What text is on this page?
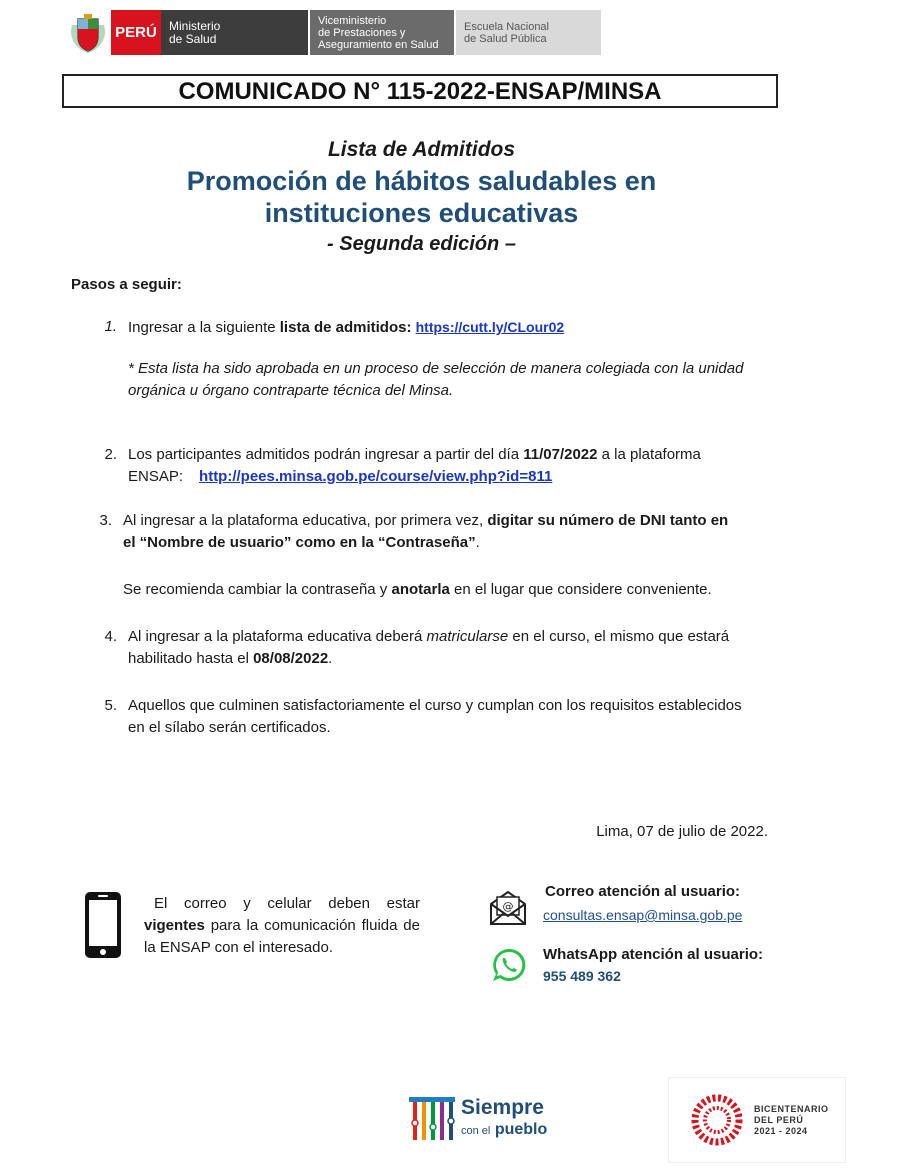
PERÚ	Ministerio
de Salud
Viceministerio
de Prestaciones y
Aseguramiento en Salud
Escuela Nacional
de Salud Pública
COMUNICADO N° 115-2022-ENSAP/MINSA
Lista de Admitidos
Promoción de hábitos saludables en
instituciones educativas
- Segunda edición –
Pasos a seguir:
1. Ingresar a la siguiente lista de admitidos: https://cutt.ly/CLour02
* Esta lista ha sido aprobada en un proceso de selección de manera colegiada con la unidad
orgánica u órgano contraparte técnica del Minsa.
2. Los participantes admitidos podrán ingresar a partir del día 11/07/2022 a la plataforma
ENSAP: http://pees.minsa.gob.pe/course/view.php?id=811
3. Al ingresar a la plataforma educativa, por primera vez, digitar su número de DNI tanto en
el “Nombre de usuario” como en la “Contraseña”.
Se recomienda cambiar la contraseña y anotarla en el lugar que considere conveniente.
4. Al ingresar a la plataforma educativa deberá matricularse en el curso, el mismo que estará
habilitado hasta el 08/08/2022.
5. Aquellos que culminen satisfactoriamente el curso y cumplan con los requisitos establecidos
en el sílabo serán certificados.
Lima, 07 de julio de 2022.
El correo y celular deben estar vigentes para la comunicación fluida de la ENSAP con el interesado.
@
Correo atención al usuario:
consultas.ensap@minsa.gob.pe
WhatsApp atención al usuario:
955 489 362
Siempre
con el pueblo
BICENTENARIO
DEL PERÚ
2021 - 2024
